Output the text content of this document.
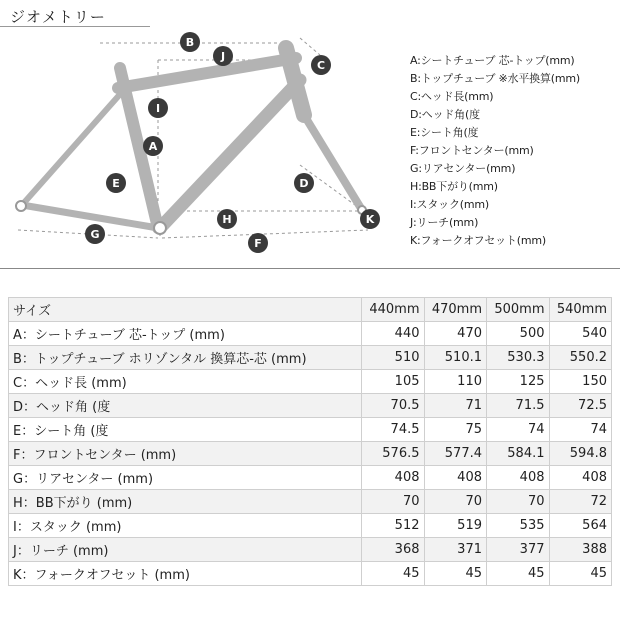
ジオメトリー
B
J
C
I
A
E	D
K
H
G
F
A:シートチューブ 芯-トップ(mm)
B:トップチューブ ※水平換算(mm)
C:ヘッド長(mm)
D:ヘッド角(度
E:シート角(度
F:フロントセンター(mm)
G:リアセンター(mm)
H:BB下がり(mm)
I:スタック(mm)
J:リーチ(mm)
K:フォークオフセット(mm)
サイズ	440mm	470mm	500mm	540mm
A：シートチューブ 芯-トップ (mm)	440	470	500	540
B：トップチューブ ホリゾンタル 換算芯-芯 (mm)	510	510.1	530.3	550.2
C：ヘッド長 (mm)	105	110	125	150
D：ヘッド角 (度	70.5	71	71.5	72.5
E：シート角 (度	74.5	75	74	74
F：フロントセンター (mm)	576.5	577.4	584.1	594.8
G：リアセンター (mm)	408	408	408	408
H：BB下がり (mm)	70	70	70	72
I：スタック (mm)	512	519	535	564
J：リーチ (mm)	368	371	377	388
K：フォークオフセット (mm)	45	45	45	45
